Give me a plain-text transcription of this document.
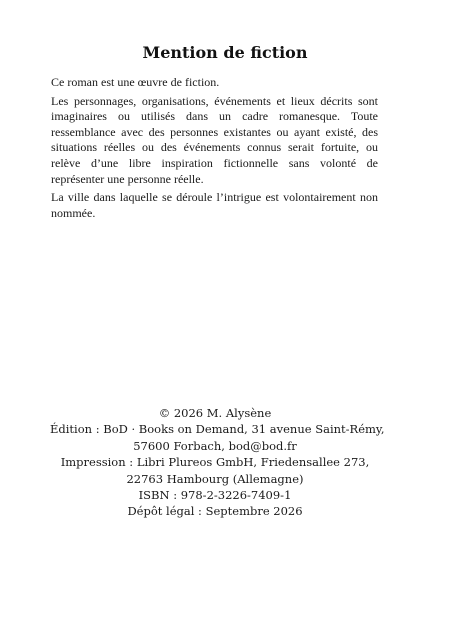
Mention de fiction

Ce roman est une œuvre de fiction.

Les personnages, organisations, événements et lieux décrits sont imaginaires ou utilisés dans un cadre romanesque. Toute ressemblance avec des personnes existantes ou ayant existé, des situations réelles ou des événements connus serait fortuite, ou relève d’une libre inspiration fictionnelle sans volonté de représenter une personne réelle.

La ville dans laquelle se déroule l’intrigue est volontairement non nommée.

© 2026 M. Alysène
Édition : BoD · Books on Demand, 31 avenue Saint-Rémy,
57600 Forbach, bod@bod.fr
Impression : Libri Plureos GmbH, Friedensallee 273,
22763 Hambourg (Allemagne)
ISBN : 978-2-3226-7409-1
Dépôt légal : Septembre 2026
